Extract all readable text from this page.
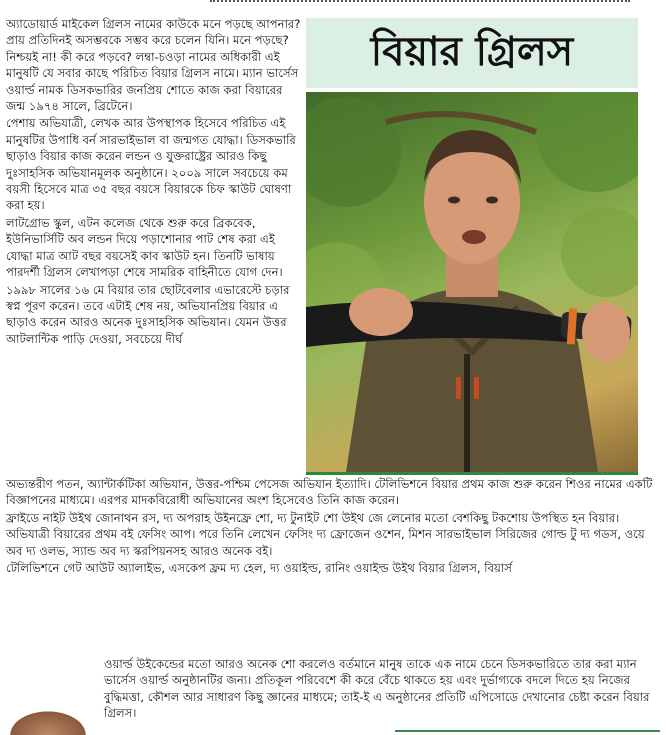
অ্যাডোয়ার্ড মাইকেল গ্রিলস নামের কাউকে মনে পড়ছে আপনার? প্রায় প্রতিদিনই অসম্ভবকে সম্ভব করে চলেন যিনি। মনে পড়ছে? নিশ্চয়ই না! কী করে পড়বে? লম্বা-চওড়া নামের অধিকারী এই মানুষটি যে সবার কাছে পরিচিত বিয়ার গ্রিলস নামে। ম্যান ভার্সেস ওয়ার্ল্ড নামক ডিসকভারির জনপ্রিয় শোতে কাজ করা বিয়ারের জন্ম ১৯৭৪ সালে, ব্রিটেনে।

পেশায় অভিযাত্রী, লেখক আর উপস্থাপক হিসেবে পরিচিত এই মানুষটির উপাধি বর্ন সারভাইভাল বা জন্মগত যোদ্ধা। ডিসকভারি ছাড়াও বিয়ার কাজ করেন লন্ডন ও যুক্তরাষ্ট্রের আরও কিছু দুঃসাহসিক অভিযানমূলক অনুষ্ঠানে। ২০০৯ সালে সবচেয়ে কম বয়সী হিসেবে মাত্র ৩৫ বছর বয়সে বিয়ারকে চিফ স্কাউট ঘোষণা করা হয়।

লাটগ্রোভ স্কুল, এটন কলেজ থেকে শুরু করে ব্রিকবেক, ইউনিভার্সিটি অব লন্ডন দিয়ে পড়াশোনার পাট শেষ করা এই যোদ্ধা মাত্র আট বছর বয়সেই কাব স্কাউট হন। তিনটি ভাষায় পারদর্শী গ্রিলস লেখাপড়া শেষে সামরিক বাহিনীতে যোগ দেন।

১৯৯৮ সালের ১৬ মে বিয়ার তার ছোটবেলার এভারেস্টে চড়ার স্বপ্ন পূরণ করেন। তবে এটাই শেষ নয়, অভিযানপ্রিয় বিয়ার এ ছাড়াও করেন আরও অনেক দুঃসাহসিক অভিযান। যেমন উত্তর আটলান্টিক পাড়ি দেওয়া, সবচেয়ে দীর্ঘ

বিয়ার গ্রিলস

অভ্যন্তরীণ পতন, অ্যান্টার্কটিকা অভিযান, উত্তর-পশ্চিম পেসেজ অভিযান ইত্যাদি। টেলিভিশনে বিয়ার প্রথম কাজ শুরু করেন শিওর নামের একটি বিজ্ঞাপনের মাধ্যমে। এরপর মাদকবিরোধী অভিযানের অংশ হিসেবেও তিনি কাজ করেন।

ফ্রাইডে নাইট উইথ জোনাথন রস, দ্য অপরাহ উইনফ্রে শো, দ্য টুনাইট শো উইথ জে লেনোর মতো বেশকিছু টকশোয় উপস্থিত হন বিয়ার। অভিযাত্রী বিয়ারের প্রথম বই ফেসিং আপ। পরে তিনি লেখেন ফেসিং দ্য ফ্রোজেন ওশেন, মিশন সারভাইভাল সিরিজের গোল্ড টু দ্য গডস, ওয়ে অব দ্য ওলভ, স্যান্ড অব দ্য স্করপিয়নসহ আরও অনেক বই।

টেলিভিশনে গেট আউট অ্যালাইভ, এসকেপ ফ্রম দ্য হেল, দ্য ওয়াইল্ড, রানিং ওয়াইল্ড উইথ বিয়ার গ্রিলস, বিয়ার্স

ওয়ার্ল্ড উইকেন্ডের মতো আরও অনেক শো করলেও বর্তমানে মানুষ তাকে এক নামে চেনে ডিসকভারিতে তার করা ম্যান ভার্সেস ওয়ার্ল্ড অনুষ্ঠানটির জন্য। প্রতিকূল পরিবেশে কী করে বেঁচে থাকতে হয় এবং দুর্ভাগ্যকে বদলে দিতে হয় নিজের বুদ্ধিমত্তা, কৌশল আর সাধারণ কিছু জ্ঞানের মাধ্যমে; তাই-ই এ অনুষ্ঠানের প্রতিটি এপিসোডে দেখানোর চেষ্টা করেন বিয়ার গ্রিলস।
